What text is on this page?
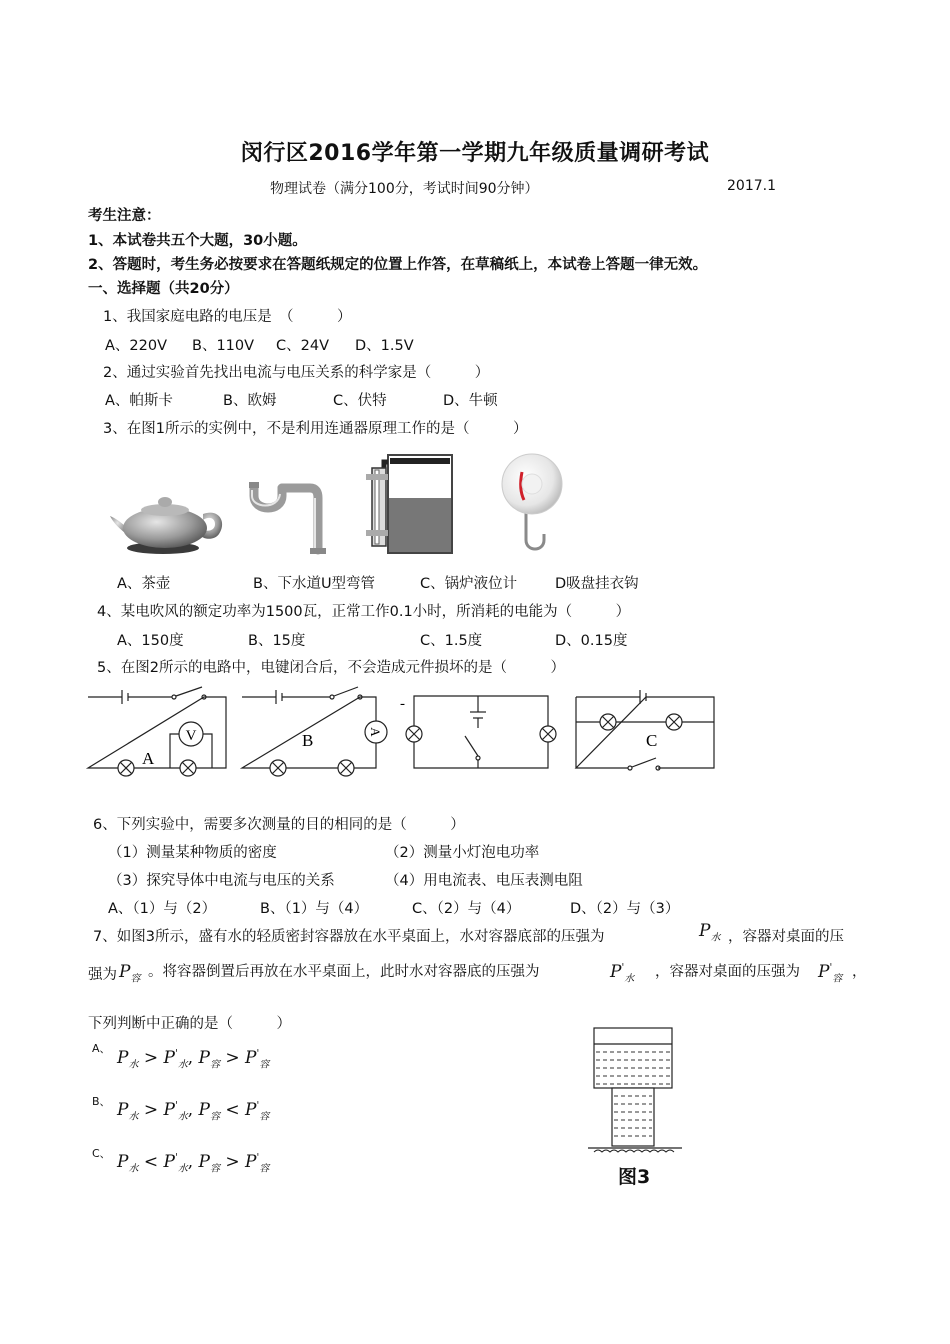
闵行区2016学年第一学期九年级质量调研考试
物理试卷（满分100分，考试时间90分钟）	2017.1
考生注意：
1、本试卷共五个大题，30小题。
2、答题时，考生务必按要求在答题纸规定的位置上作答，在草稿纸上，本试卷上答题一律无效。
一、选择题（共20分）
1、我国家庭电路的电压是　（　　　）
A、220V B、110V C、24V D、1.5V
2、通过实验首先找出电流与电压关系的科学家是（　　　）
A、帕斯卡	B、欧姆	C、伏特	D、牛顿
3、在图1所示的实例中，不是利用连通器原理工作的是（　　　）
A、茶壶	B、下水道U型弯管	C、锅炉液位计	D吸盘挂衣钩
4、某电吹风的额定功率为1500瓦，正常工作0.1小时，所消耗的电能为（　　　）
A、150度	B、15度	C、1.5度	D、0.15度
5、在图2所示的电路中，电键闭合后，不会造成元件损坏的是（　　　）
V
A
A
B
-
C
6、下列实验中，需要多次测量的目的相同的是（　　　）
（1）测量某种物质的密度	（2）测量小灯泡电功率
（3）探究导体中电流与电压的关系	（4）用电流表、电压表测电阻
A、（1）与（2）	B、（1）与（4）	C、（2）与（4）	D、（2）与（3）
7、如图3所示，盛有水的轻质密封容器放在水平桌面上，水对容器底部的压强为	$P_水$ ，容器对桌面的压
强为 $P_容$ 。将容器倒置后再放在水平桌面上，此时水对容器底的压强为	$P'_水$ ，容器对桌面的压强为 $P'_容$ ，
下列判断中正确的是（　　　）
A、 $P_水 > P'_水$, $P_容 > P'_容$
B、 $P_水 > P'_水$, $P_容 < P'_容$
C、 $P_水 < P'_水$, $P_容 > P'_容$	图3
